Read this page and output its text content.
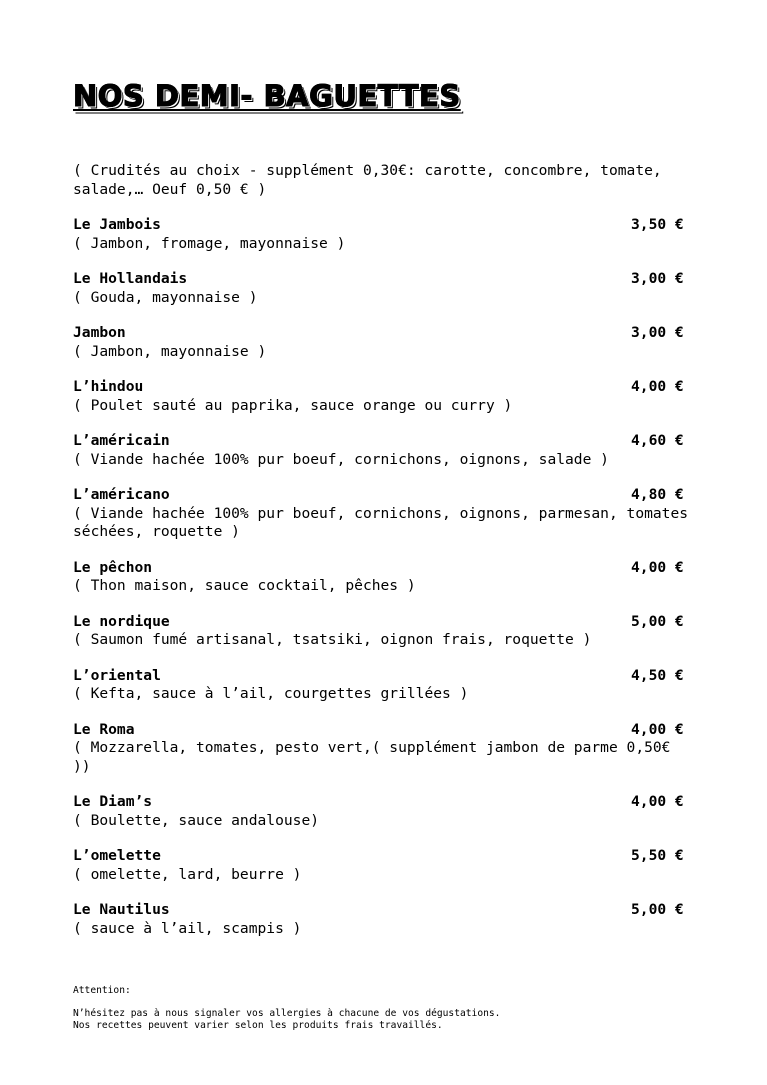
NOS DEMI- BAGUETTES
( Crudités au choix - supplément 0,30€: carotte, concombre, tomate, salade,… Oeuf 0,50 € )
Le Jambois	3,50 €
( Jambon, fromage, mayonnaise )
Le Hollandais	3,00 €
( Gouda, mayonnaise )
Jambon	3,00 €
( Jambon, mayonnaise )
L’hindou	4,00 €
( Poulet sauté au paprika, sauce orange ou curry )
L’américain	4,60 €
( Viande hachée 100% pur boeuf, cornichons, oignons, salade )
L’américano	4,80 €
( Viande hachée 100% pur boeuf, cornichons, oignons, parmesan, tomates séchées, roquette )
Le pêchon	4,00 €
( Thon maison, sauce cocktail, pêches )
Le nordique	5,00 €
( Saumon fumé artisanal, tsatsiki, oignon frais, roquette )
L’oriental	4,50 €
( Kefta, sauce à l’ail, courgettes grillées )
Le Roma	4,00 €
( Mozzarella, tomates, pesto vert,( supplément jambon de parme 0,50€ ))
Le Diam’s	4,00 €
( Boulette, sauce andalouse)
L’omelette	5,50 €
( omelette, lard, beurre )
Le Nautilus	5,00 €
( sauce à l’ail, scampis )
Attention:
N’hésitez pas à nous signaler vos allergies à chacune de vos dégustations.
Nos recettes peuvent varier selon les produits frais travaillés.
